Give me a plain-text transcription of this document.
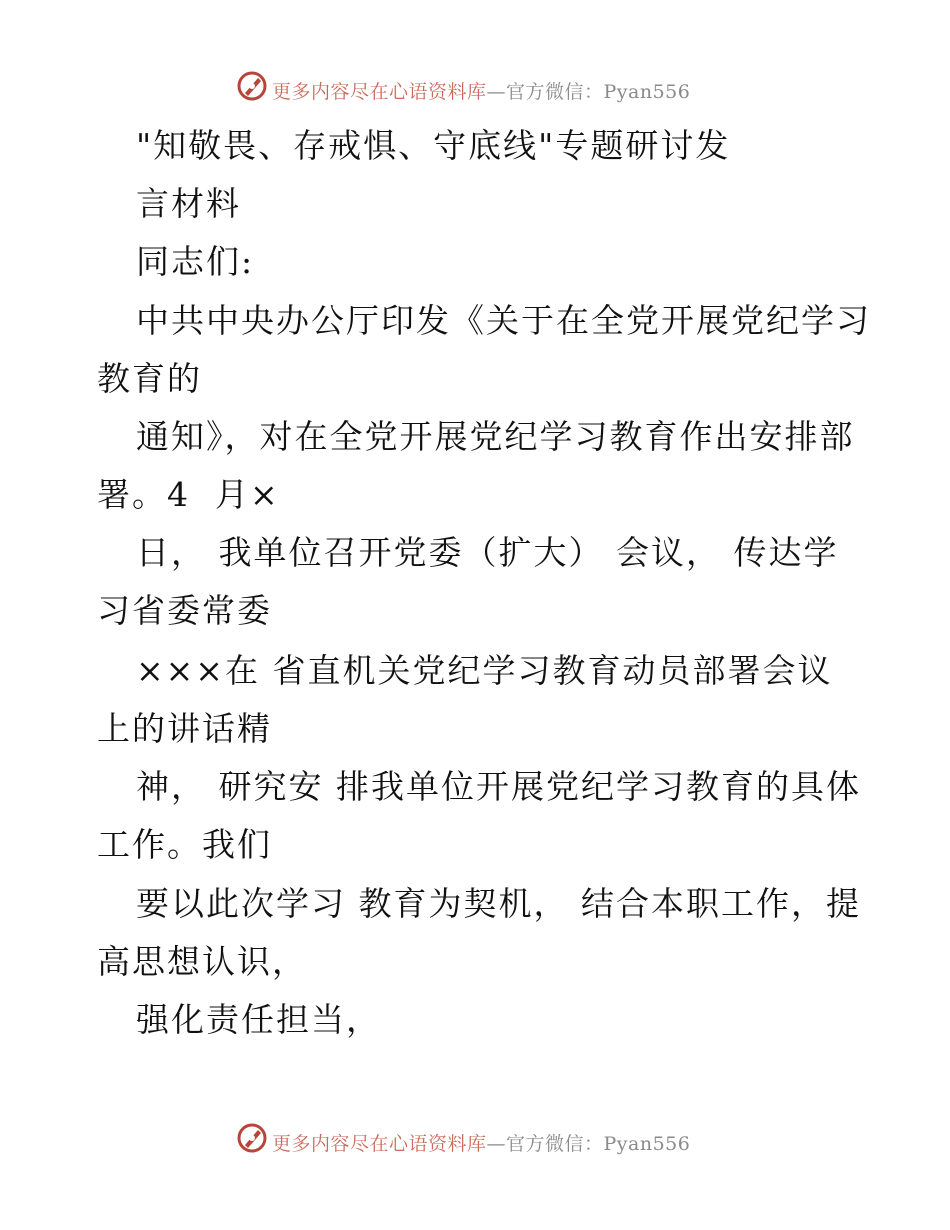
更多内容尽在心语资料库—官方微信：Pyan556
"知敬畏、存戒惧、守底线"专题研讨发
言材料
同志们:
中共中央办公厅印发《关于在全党开展党纪学习
教育的
通知》，对在全党开展党纪学习教育作出安排部
署。4  月×
日， 我单位召开党委（扩大） 会议， 传达学
习省委常委
×××在 省直机关党纪学习教育动员部署会议
上的讲话精
神， 研究安 排我单位开展党纪学习教育的具体
工作。我们
要以此次学习 教育为契机， 结合本职工作，提
高思想认识，
强化责任担当，
更多内容尽在心语资料库—官方微信：Pyan556
